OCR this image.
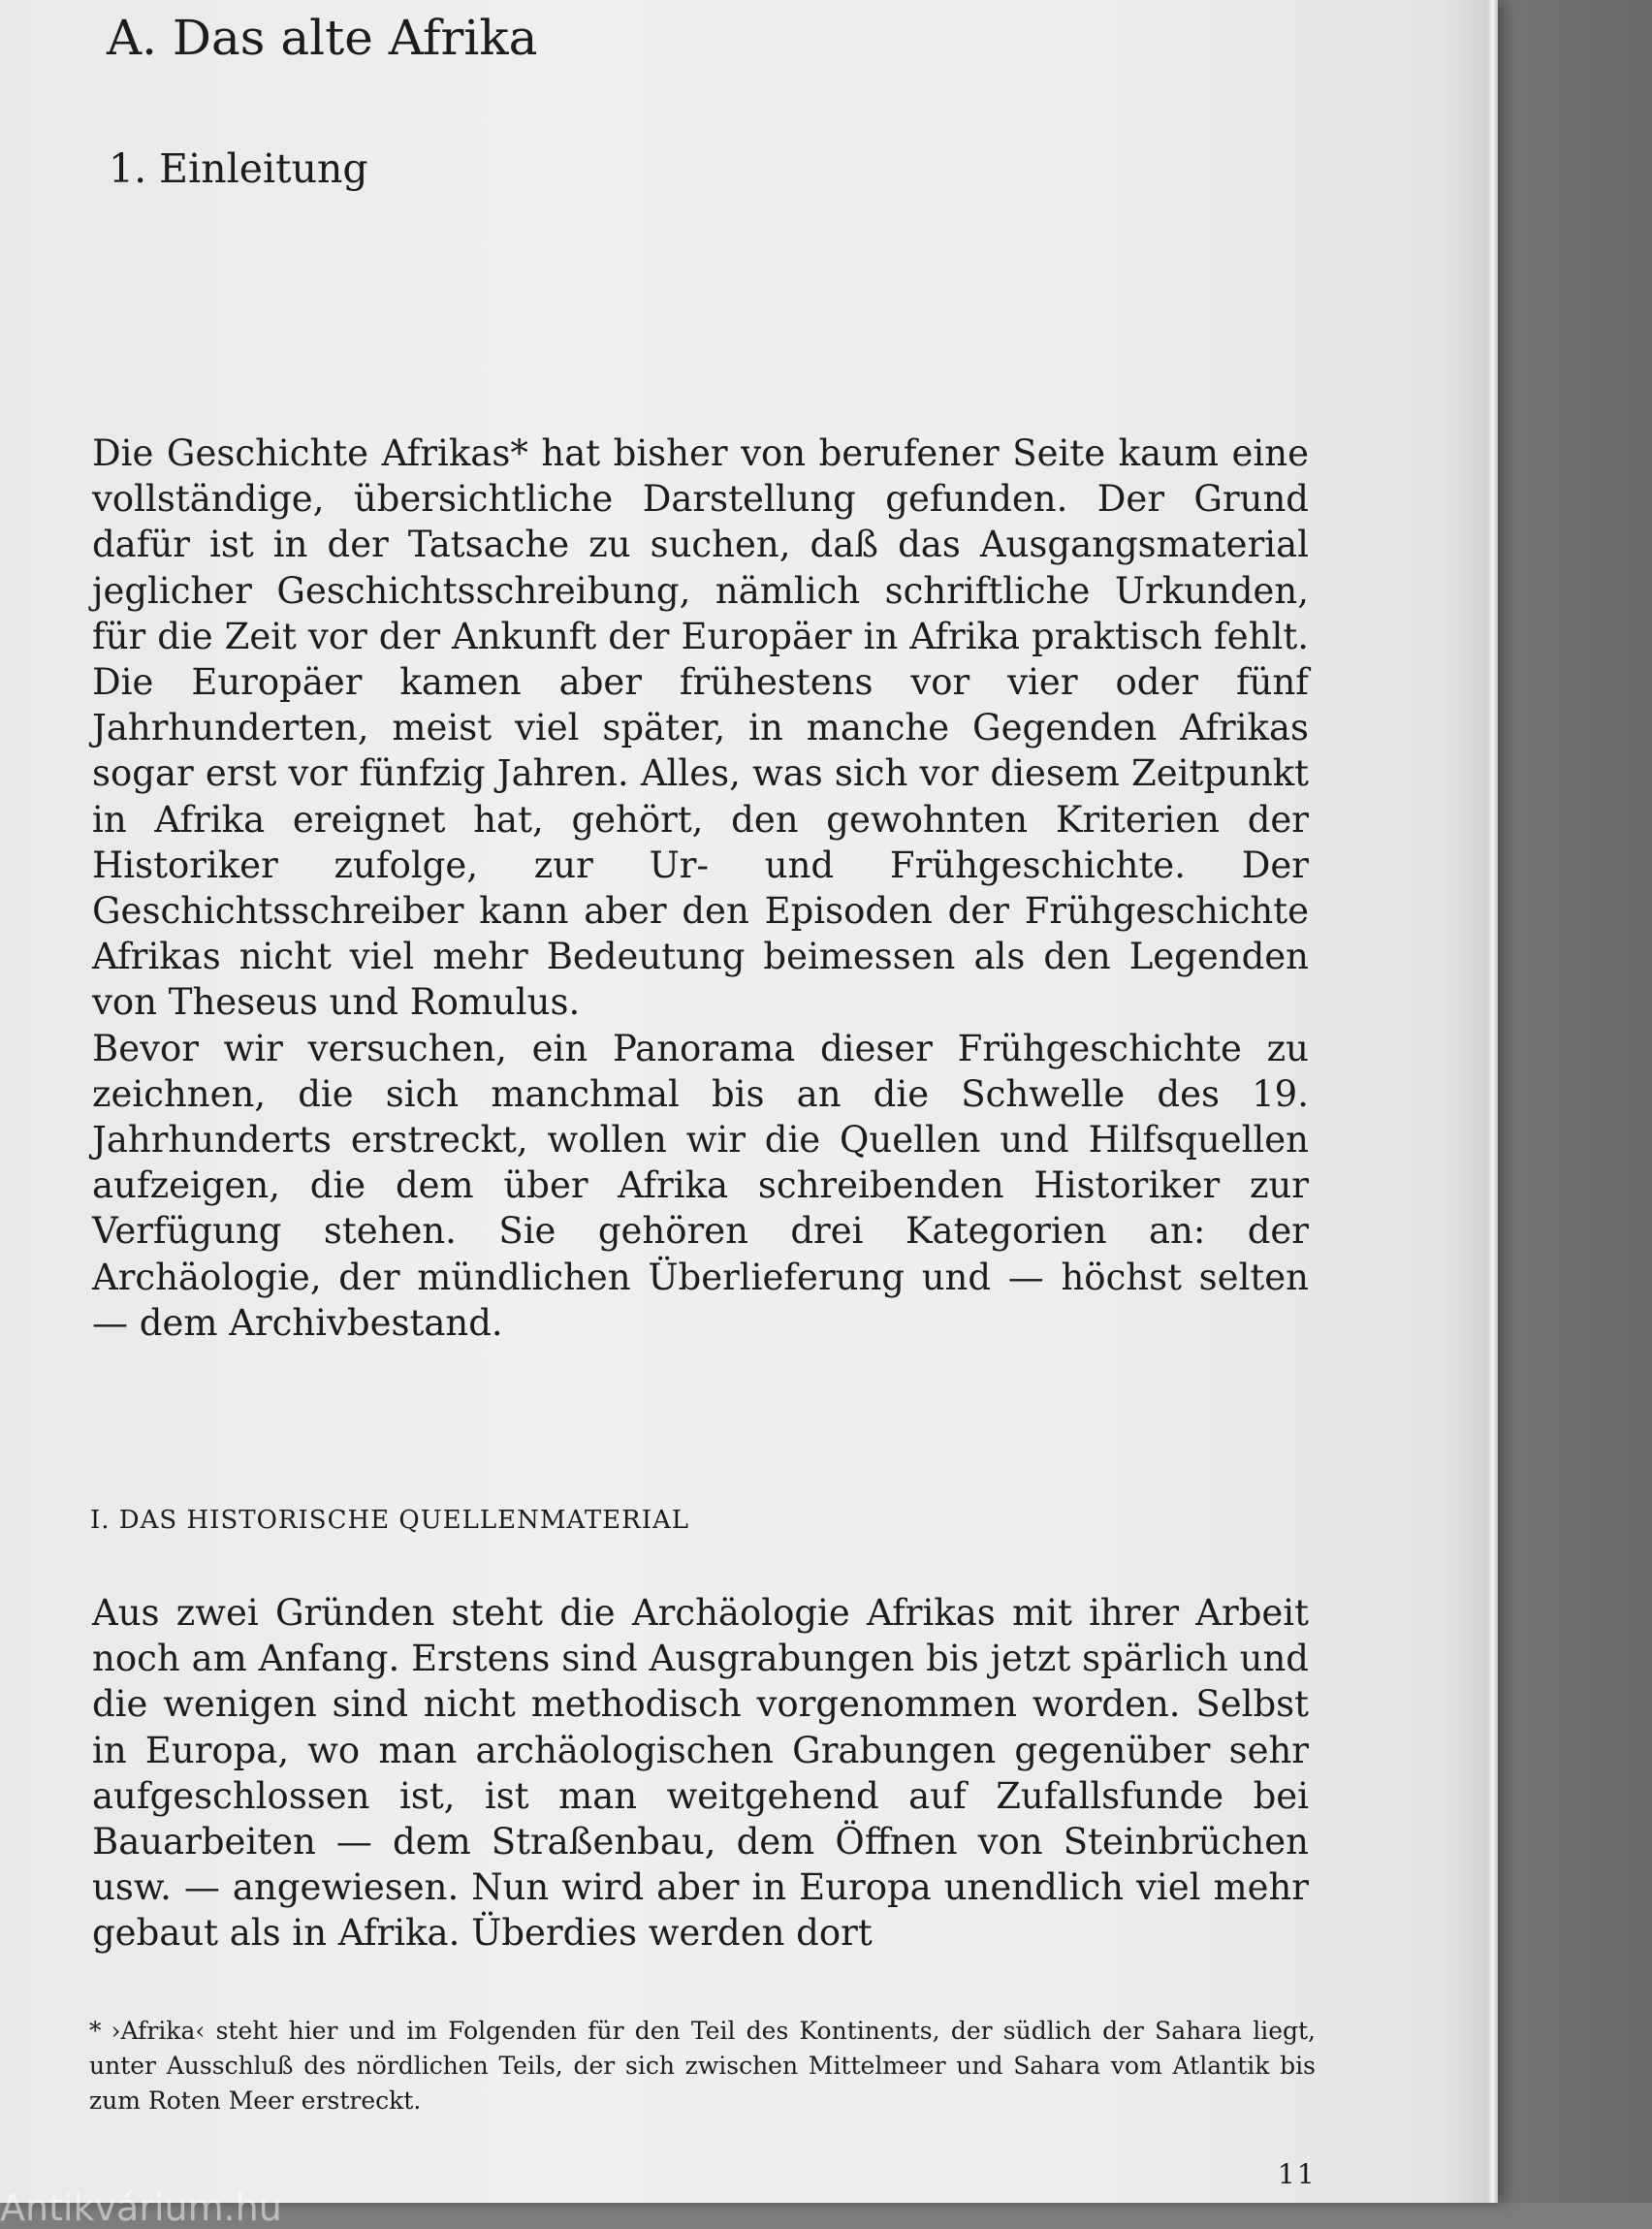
A. Das alte Afrika
1. Einleitung
Die Geschichte Afrikas* hat bisher von berufener Seite kaum eine vollständige, übersichtliche Darstellung gefunden. Der Grund dafür ist in der Tatsache zu suchen, daß das Ausgangsmaterial jeglicher Geschichtsschreibung, nämlich schriftliche Urkunden, für die Zeit vor der Ankunft der Europäer in Afrika praktisch fehlt. Die Europäer kamen aber frühestens vor vier oder fünf Jahrhunderten, meist viel später, in manche Gegenden Afrikas sogar erst vor fünfzig Jahren. Alles, was sich vor diesem Zeitpunkt in Afrika ereignet hat, gehört, den gewohnten Kriterien der Historiker zufolge, zur Ur- und Frühgeschichte. Der Geschichtsschreiber kann aber den Episoden der Frühgeschichte Afrikas nicht viel mehr Bedeutung beimessen als den Legenden von Theseus und Romulus.
Bevor wir versuchen, ein Panorama dieser Frühgeschichte zu zeichnen, die sich manchmal bis an die Schwelle des 19. Jahrhunderts erstreckt, wollen wir die Quellen und Hilfsquellen aufzeigen, die dem über Afrika schreibenden Historiker zur Verfügung stehen. Sie gehören drei Kategorien an: der Archäologie, der mündlichen Überlieferung und — höchst selten — dem Archivbestand.
I. DAS HISTORISCHE QUELLENMATERIAL
Aus zwei Gründen steht die Archäologie Afrikas mit ihrer Arbeit noch am Anfang. Erstens sind Ausgrabungen bis jetzt spärlich und die wenigen sind nicht methodisch vorgenommen worden. Selbst in Europa, wo man archäologischen Grabungen gegenüber sehr aufgeschlossen ist, ist man weitgehend auf Zufallsfunde bei Bauarbeiten — dem Straßenbau, dem Öffnen von Steinbrüchen usw. — angewiesen. Nun wird aber in Europa unendlich viel mehr gebaut als in Afrika. Überdies werden dort

* ›Afrika‹ steht hier und im Folgenden für den Teil des Kontinents, der südlich der Sahara liegt, unter Ausschluß des nördlichen Teils, der sich zwischen Mittelmeer und Sahara vom Atlantik bis zum Roten Meer erstreckt.

11
Antikvárium.hu
